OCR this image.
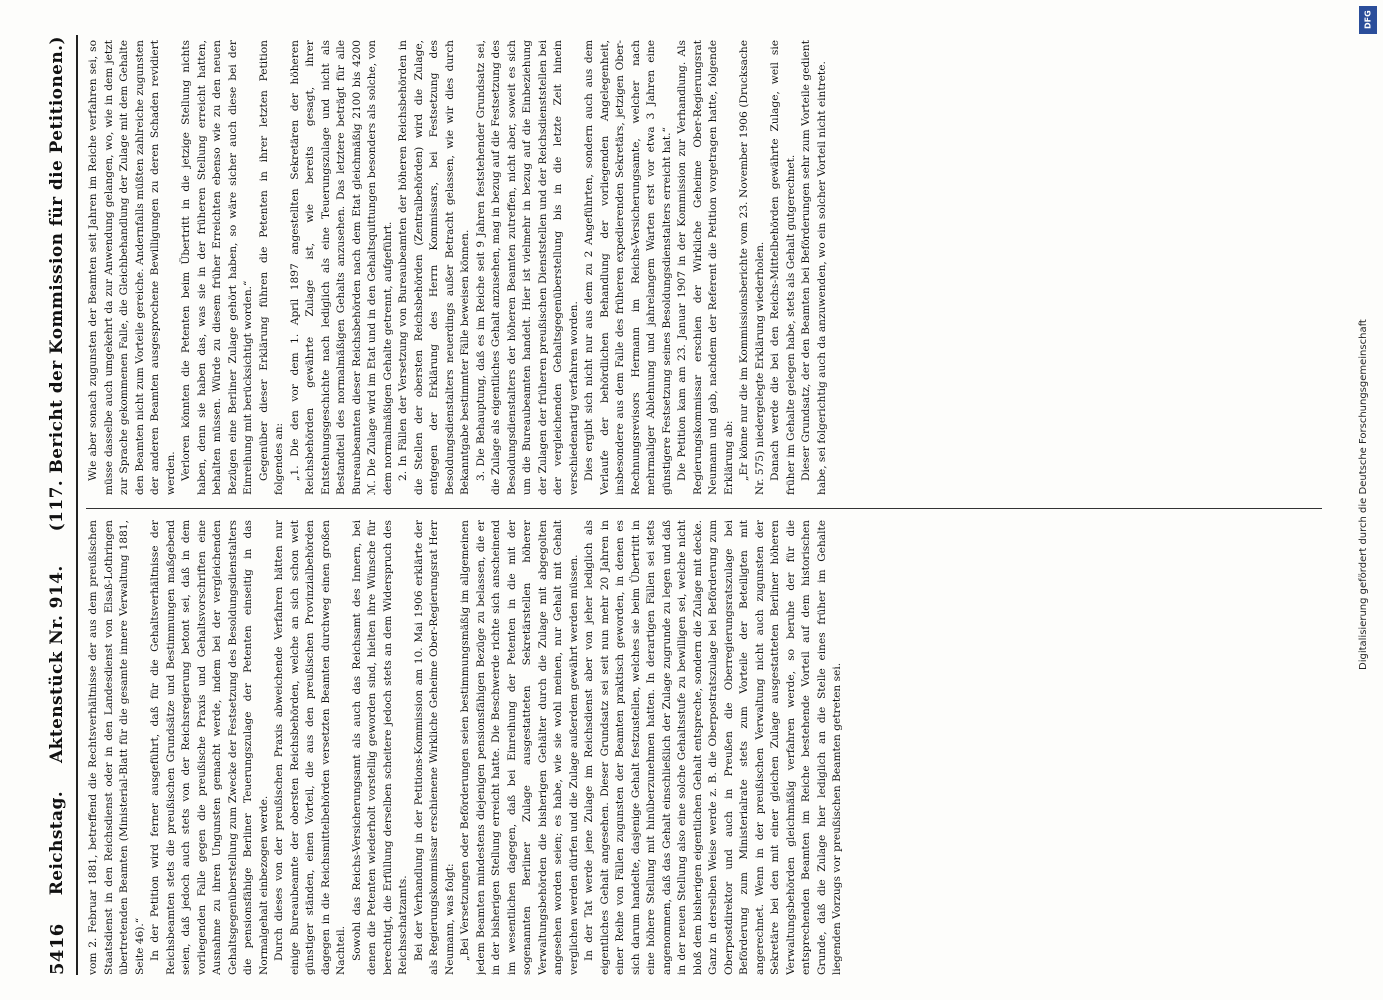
5416
Reichstag.
Aktenstück Nr. 914.
(117. Bericht der Kommission für die Petitionen.)

vom 2. Februar 1881, betreffend die Rechtsverhältnisse der aus dem preußischen Staatsdienst in den Reichsdienst oder in den Landesdienst von Elsaß-Lothringen übertretenden Beamten (Ministerial-Blatt für die gesamte innere Verwaltung 1881, Seite 46).“ In der Petition wird ferner ausgeführt, daß für die Gehaltsverhältnisse der Reichsbeamten stets die preußischen Grundsätze und Bestimmungen maßgebend seien, daß jedoch auch stets von der Reichsregierung betont sei, daß in dem vorliegenden Falle gegen die preußische Praxis und Gehaltsvorschriften eine Ausnahme zu ihren Ungunsten gemacht werde, indem bei der vergleichenden Gehaltsgegenüberstellung zum Zwecke der Festsetzung des Besoldungsdienstalters die pensionsfähige Berliner Teuerungszulage der Petenten einseitig in das Normalgehalt einbezogen werde. Durch dieses von der preußischen Praxis abweichende Verfahren hätten nur einige Bureaubeamte der obersten Reichsbehörden, welche an sich schon weit günstiger ständen, einen Vorteil, die aus den preußischen Provinzialbehörden dagegen in die Reichsmittelbehörden versetzten Beamten durchweg einen großen Nachteil. Sowohl das Reichs-Versicherungsamt als auch das Reichsamt des Innern, bei denen die Petenten wiederholt vorstellig geworden sind, hielten ihre Wünsche für berechtigt, die Erfüllung derselben scheitere jedoch stets an dem Widerspruch des Reichsschatzamts. Bei der Verhandlung in der Petitions-Kommission am 10. Mai 1906 erklärte der als Regierungskommissar erschienene Wirkliche Geheime Ober-Regierungsrat Herr Neumann, was folgt: „Bei Versetzungen oder Beförderungen seien bestimmungsmäßig im allgemeinen jedem Beamten mindestens diejenigen pensionsfähigen Bezüge zu belassen, die er in der bisherigen Stellung erreicht hatte. Die Beschwerde richte sich anscheinend im wesentlichen dagegen, daß bei Einreihung der Petenten in die mit der sogenannten Berliner Zulage ausgestatteten Sekretärstellen höherer Verwaltungsbehörden die bisherigen Gehälter durch die Zulage mit abgegolten angesehen worden seien; es habe, wie sie wohl meinen, nur Gehalt mit Gehalt verglichen werden dürfen und die Zulage außerdem gewährt werden müssen. In der Tat werde jene Zulage im Reichsdienst aber von jeher lediglich als eigentliches Gehalt angesehen. Dieser Grundsatz sei seit nun mehr 20 Jahren in einer Reihe von Fällen zugunsten der Beamten praktisch geworden, in denen es sich darum handelte, dasjenige Gehalt festzustellen, welches sie beim Übertritt in eine höhere Stellung mit hinüberzunehmen hatten. In derartigen Fällen sei stets angenommen, daß das Gehalt einschließlich der Zulage zugrunde zu legen und daß in der neuen Stellung also eine solche Gehaltsstufe zu bewilligen sei, welche nicht bloß dem bisherigen eigentlichen Gehalt entspreche, sondern die Zulage mit decke. Ganz in derselben Weise werde z. B. die Oberpostratszulage bei Beförderung zum Oberpostdirektor und auch in Preußen die Oberregierungsratszulage bei Beförderung zum Ministerialrate stets zum Vorteile der Beteiligten mit angerechnet. Wenn in der preußischen Verwaltung nicht auch zugunsten der Sekretäre bei den mit einer gleichen Zulage ausgestatteten Berliner höheren Verwaltungsbehörden gleichmäßig verfahren werde, so beruhe der für die entsprechenden Beamten im Reiche bestehende Vorteil auf dem historischen Grunde, daß die Zulage hier lediglich an die Stelle eines früher im Gehalte liegenden Vorzugs vor preußischen Beamten getreten sei.

Wie aber sonach zugunsten der Beamten seit Jahren im Reiche verfahren sei, so müsse dasselbe auch umgekehrt da zur Anwendung gelangen, wo, wie in dem jetzt zur Sprache gekommenen Falle, die Gleichbehandlung der Zulage mit dem Gehalte den Beamten nicht zum Vorteile gereiche. Andernfalls müßten zahlreiche zugunsten der anderen Beamten ausgesprochene Bewilligungen zu deren Schaden revidiert werden. Verloren könnten die Petenten beim Übertritt in die jetzige Stellung nichts haben, denn sie haben das, was sie in der früheren Stellung erreicht hatten, behalten müssen. Würde zu diesem früher Erreichten ebenso wie zu den neuen Bezügen eine Berliner Zulage gehört haben, so wäre sicher auch diese bei der Einreihung mit berücksichtigt worden.“ Gegenüber dieser Erklärung führen die Petenten in ihrer letzten Petition folgendes an: „1. Die den vor dem 1. April 1897 angestellten Sekretären der höheren Reichsbehörden gewährte Zulage ist, wie bereits gesagt, ihrer Entstehungsgeschichte nach lediglich als eine Teuerungszulage und nicht als Bestandteil des normalmäßigen Gehalts anzusehen. Das letztere beträgt für alle Bureaubeamten dieser Reichsbehörden nach dem Etat gleichmäßig 2100 bis 4200 ℳ. Die Zulage wird im Etat und in den Gehaltsquittungen besonders als solche, von dem normalmäßigen Gehalte getrennt, aufgeführt. 2. In Fällen der Versetzung von Bureaubeamten der höheren Reichsbehörden in die Stellen der obersten Reichsbehörden (Zentralbehörden) wird die Zulage, entgegen der Erklärung des Herrn Kommissars, bei Festsetzung des Besoldungsdienstalters neuerdings außer Betracht gelassen, wie wir dies durch Bekanntgabe bestimmter Fälle beweisen können. 3. Die Behauptung, daß es im Reiche seit 9 Jahren feststehender Grundsatz sei, die Zulage als eigentliches Gehalt anzusehen, mag in bezug auf die Festsetzung des Besoldungsdienstalters der höheren Beamten zutreffen, nicht aber, soweit es sich um die Bureaubeamten handelt. Hier ist vielmehr in bezug auf die Einbeziehung der Zulagen der früheren preußischen Dienststellen und der Reichsdienststellen bei der vergleichenden Gehaltsgegenüberstellung bis in die letzte Zeit hinein verschiedenartig verfahren worden. Dies ergibt sich nicht nur aus dem zu 2 Angeführten, sondern auch aus dem Verlaufe der behördlichen Behandlung der vorliegenden Angelegenheit, insbesondere aus dem Falle des früheren expedierenden Sekretärs, jetzigen Ober-Rechnungsrevisors Hermann im Reichs-Versicherungsamte, welcher nach mehrmaliger Ablehnung und jahrelangem Warten erst vor etwa 3 Jahren eine günstigere Festsetzung seines Besoldungsdienstalters erreicht hat.“ Die Petition kam am 23. Januar 1907 in der Kommission zur Verhandlung. Als Regierungskommissar erschien der Wirkliche Geheime Ober-Regierungsrat Neumann und gab, nachdem der Referent die Petition vorgetragen hatte, folgende Erklärung ab: „Er könne nur die im Kommissionsberichte vom 23. November 1906 (Drucksache Nr. 575) niedergelegte Erklärung wiederholen. Danach werde die bei den Reichs-Mittelbehörden gewährte Zulage, weil sie früher im Gehalte gelegen habe, stets als Gehalt gutgerechnet. Dieser Grundsatz, der den Beamten bei Beförderungen sehr zum Vorteile gedient habe, sei folgerichtig auch da anzuwenden, wo ein solcher Vorteil nicht eintrete.

DFG
Digitalisierung gefördert durch die Deutsche Forschungsgemeinschaft
